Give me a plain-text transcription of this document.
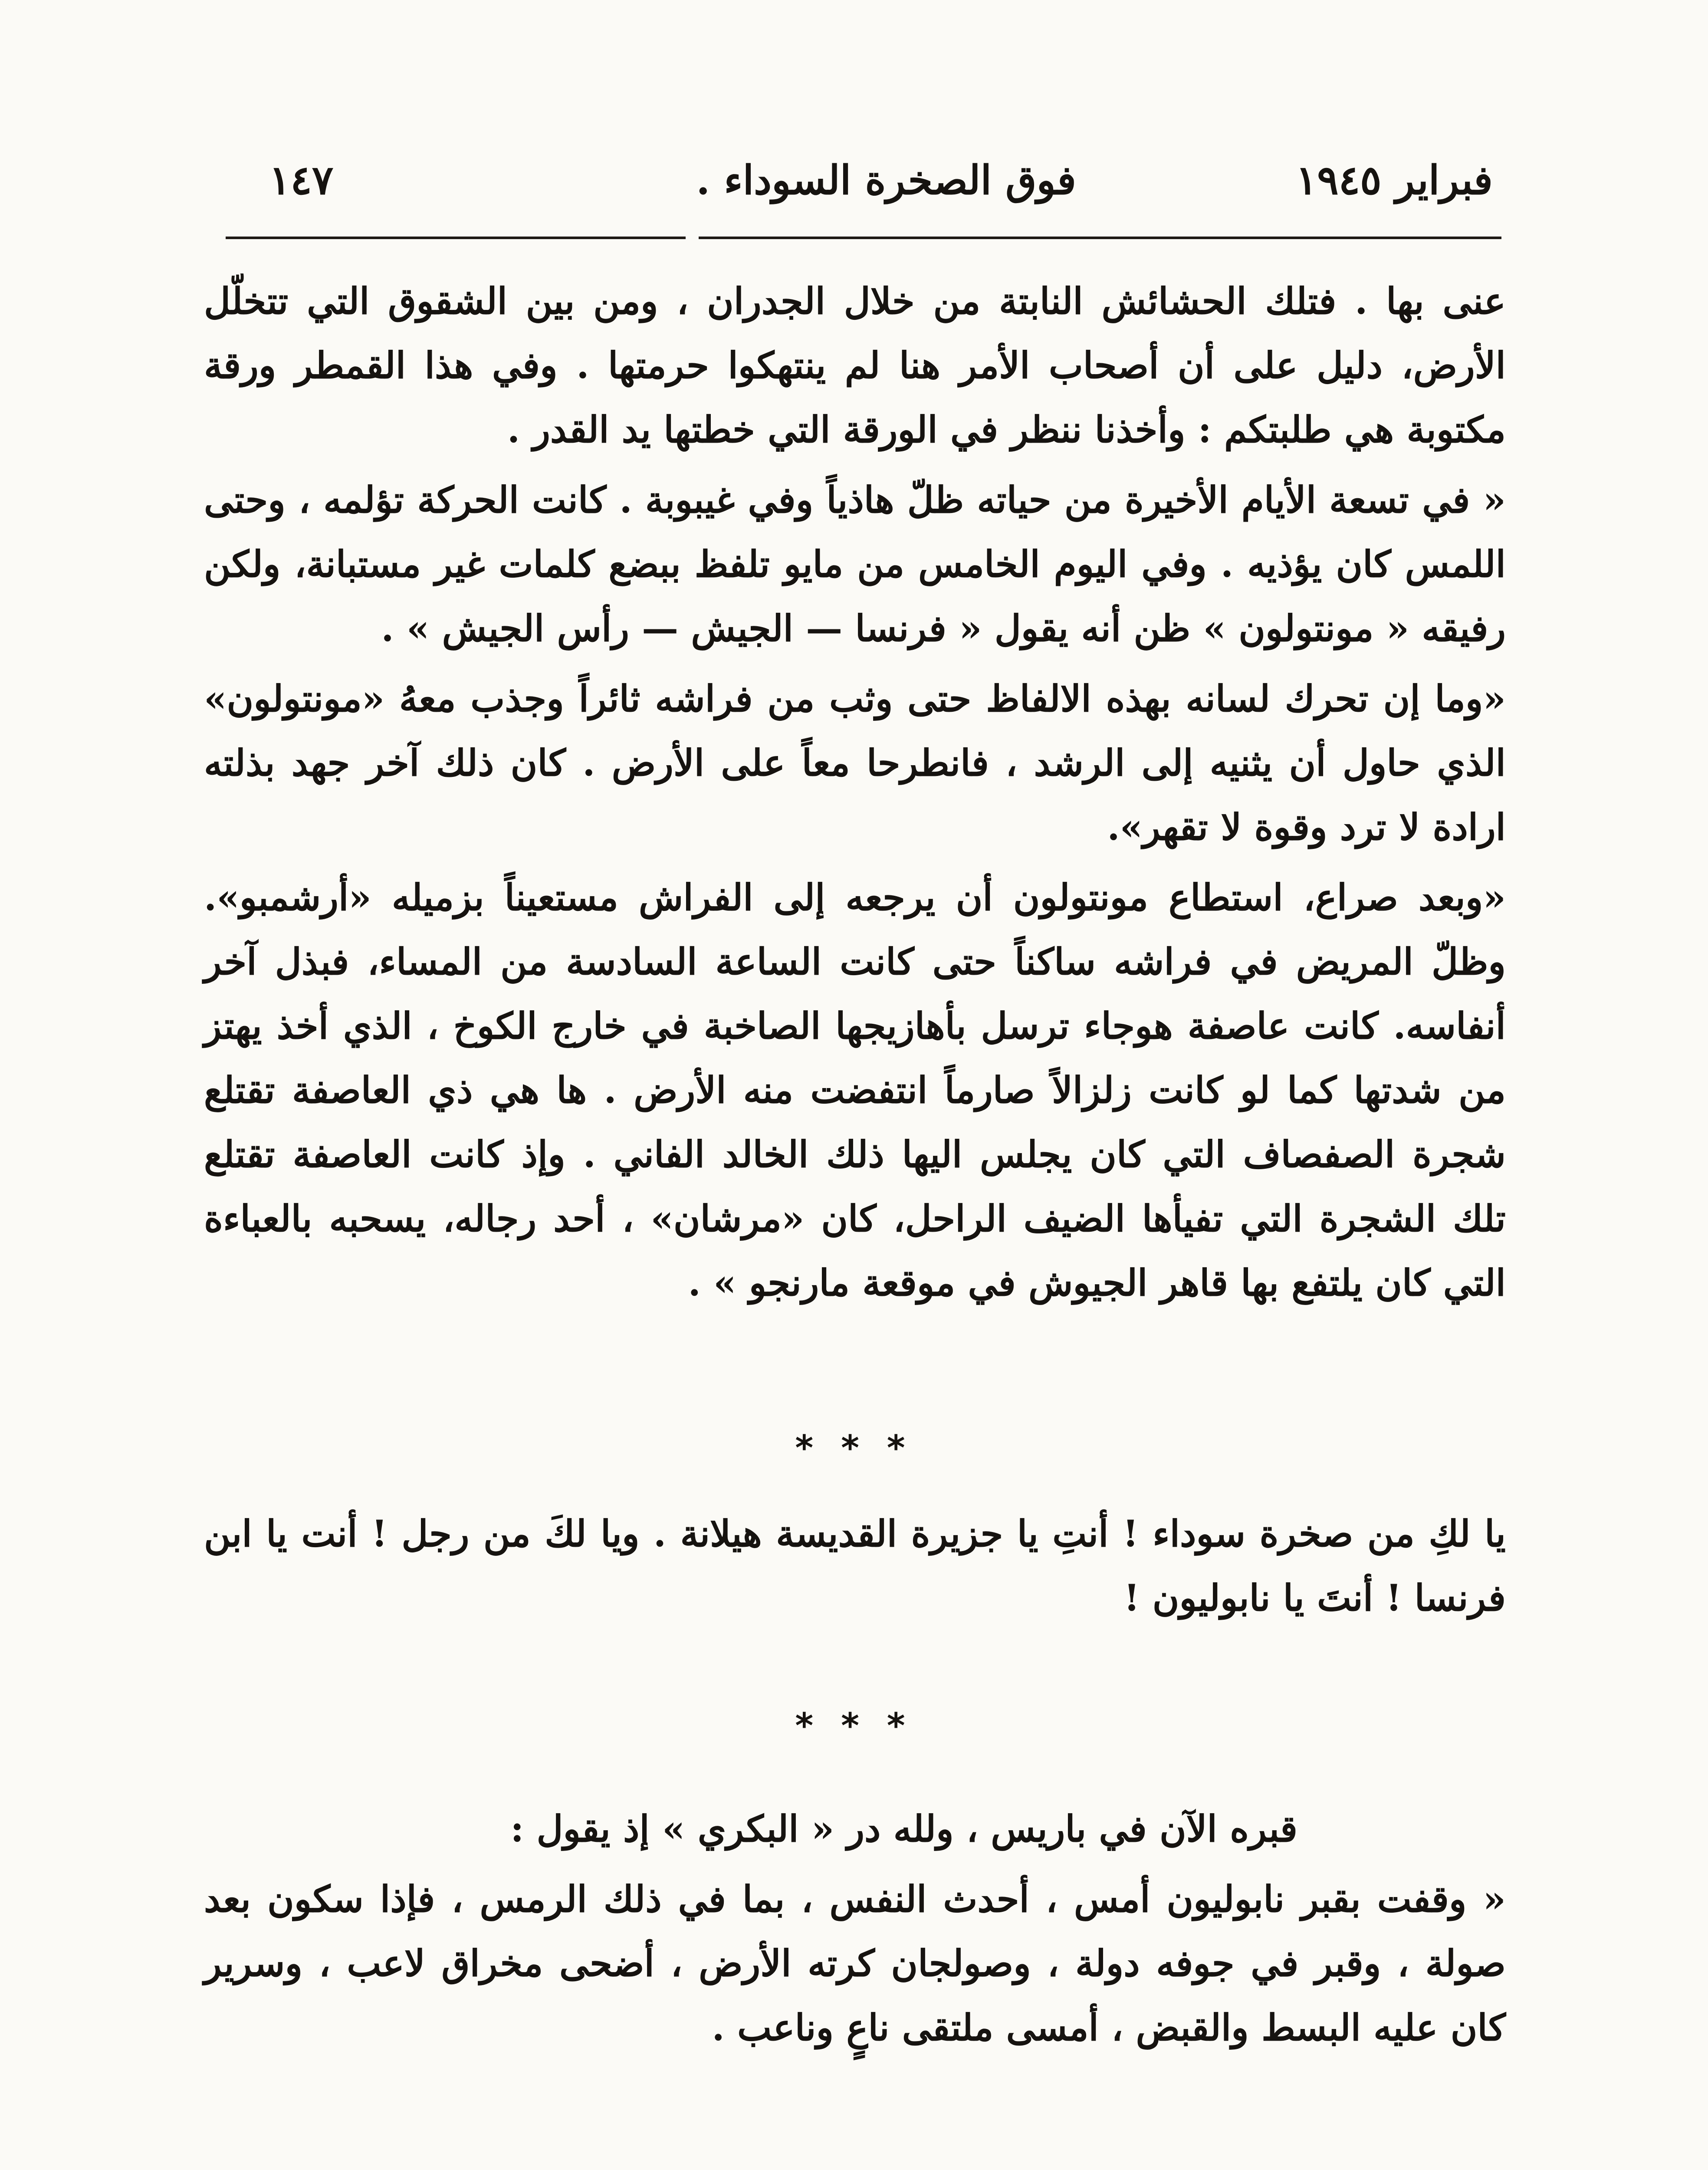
فبراير ١٩٤٥
فوق الصخرة السوداء .
١٤٧

عنى بها . فتلك الحشائش النابتة من خلال الجدران ، ومن بين الشقوق التي تتخلّل الأرض، دليل على أن أصحاب الأمر هنا لم ينتهكوا حرمتها . وفي هذا القمطر ورقة مكتوبة هي طلبتكم : وأخذنا ننظر في الورقة التي خطتها يد القدر .

« في تسعة الأيام الأخيرة من حياته ظلّ هاذياً وفي غيبوبة . كانت الحركة تؤلمه ، وحتى اللمس كان يؤذيه . وفي اليوم الخامس من مايو تلفظ ببضع كلمات غير مستبانة، ولكن رفيقه « مونتولون » ظن أنه يقول « فرنسا — الجيش — رأس الجيش » .

«وما إن تحرك لسانه بهذه الالفاظ حتى وثب من فراشه ثائراً وجذب معهُ «مونتولون» الذي حاول أن يثنيه إلى الرشد ، فانطرحا معاً على الأرض . كان ذلك آخر جهد بذلته ارادة لا ترد وقوة لا تقهر».

«وبعد صراع، استطاع مونتولون أن يرجعه إلى الفراش مستعيناً بزميله «أرشمبو». وظلّ المريض في فراشه ساكناً حتى كانت الساعة السادسة من المساء، فبذل آخر أنفاسه. كانت عاصفة هوجاء ترسل بأهازيجها الصاخبة في خارج الكوخ ، الذي أخذ يهتز من شدتها كما لو كانت زلزالاً صارماً انتفضت منه الأرض . ها هي ذي العاصفة تقتلع شجرة الصفصاف التي كان يجلس اليها ذلك الخالد الفاني . وإذ كانت العاصفة تقتلع تلك الشجرة التي تفيأها الضيف الراحل، كان «مرشان» ، أحد رجاله، يسحبه بالعباءة التي كان يلتفع بها قاهر الجيوش في موقعة مارنجو » .

* * *

يا لكِ من صخرة سوداء ! أنتِ يا جزيرة القديسة هيلانة . ويا لكَ من رجل ! أنت يا ابن فرنسا ! أنتَ يا نابوليون !

* * *

قبره الآن في باريس ، ولله در « البكري » إذ يقول :

« وقفت بقبر نابوليون أمس ، أحدث النفس ، بما في ذلك الرمس ، فإذا سكون بعد صولة ، وقبر في جوفه دولة ، وصولجان كرته الأرض ، أضحى مخراق لاعب ، وسرير كان عليه البسط والقبض ، أمسى ملتقى ناعٍ وناعب .
